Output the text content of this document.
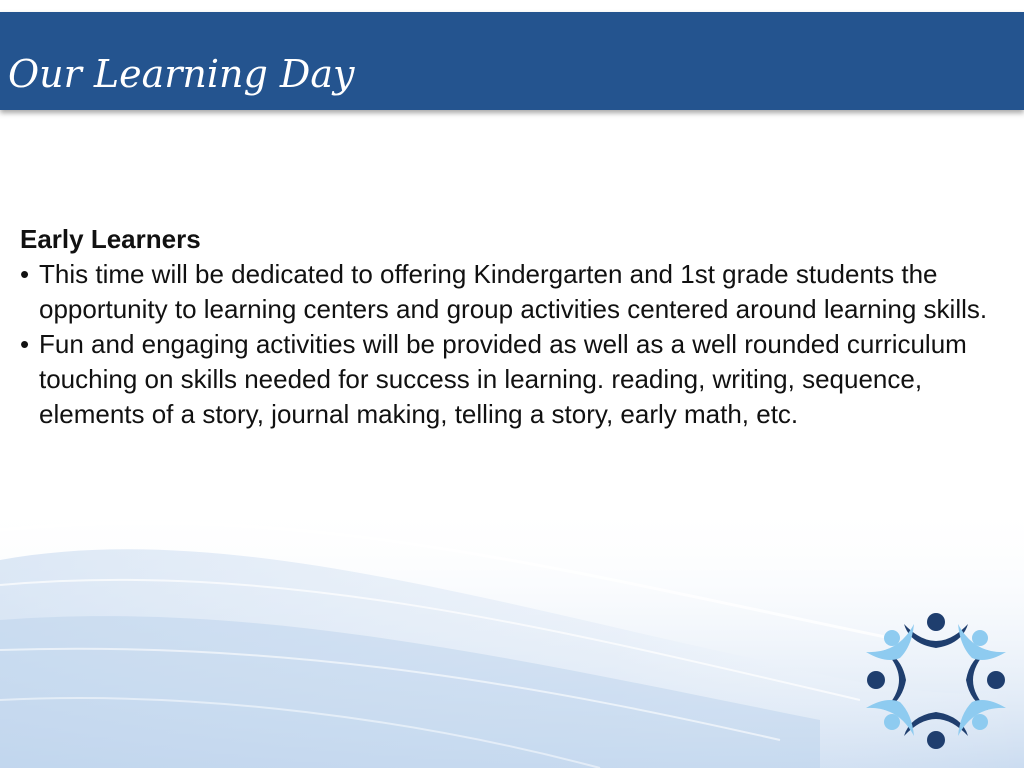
Our Learning Day

Early Learners

• This time will be dedicated to offering Kindergarten and 1st grade students the opportunity to learning centers and group activities centered around learning skills.
• Fun and engaging activities will be provided as well as a well rounded curriculum touching on skills needed for success in learning. reading, writing, sequence, elements of a story, journal making, telling a story, early math, etc.
